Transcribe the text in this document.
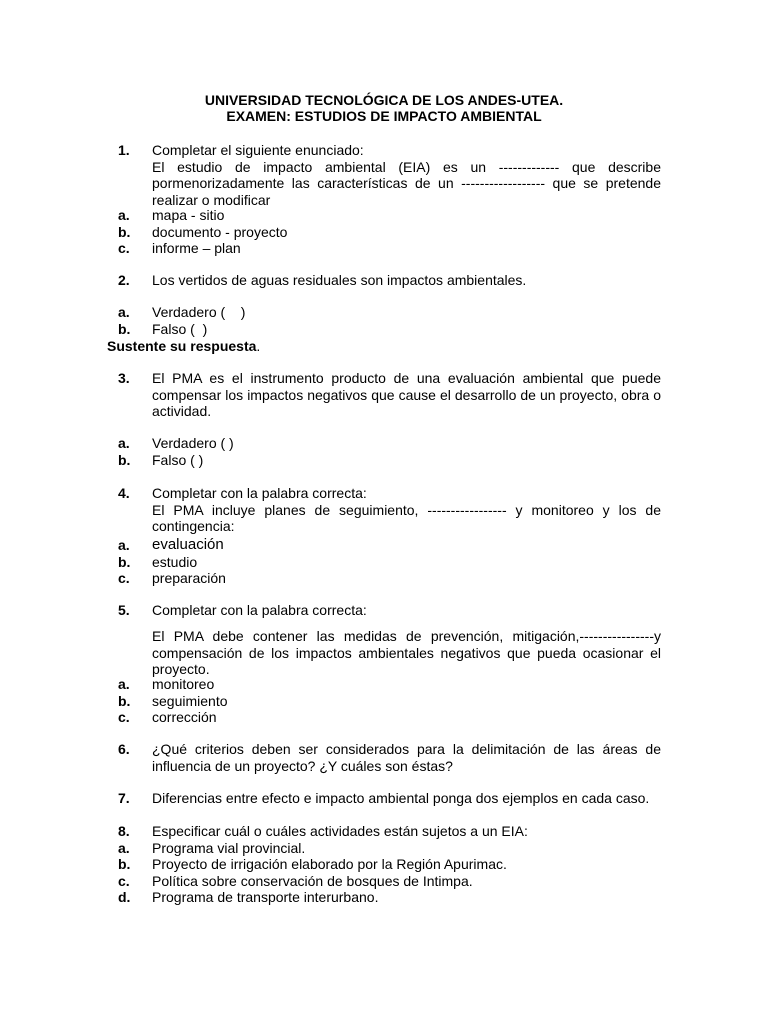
UNIVERSIDAD TECNOLÓGICA DE LOS ANDES-UTEA.
EXAMEN: ESTUDIOS DE IMPACTO AMBIENTAL
1.	Completar el siguiente enunciado:
El estudio de impacto ambiental (EIA) es un ------------- que describe pormenorizadamente las características de un ------------------ que se pretende realizar o modificar
a.	mapa - sitio
b.	documento - proyecto
c.	informe – plan
2.	Los vertidos de aguas residuales son impactos ambientales.
a.	Verdadero (    )
b.	Falso (  )
Sustente su respuesta.
3.	El PMA es el instrumento producto de una evaluación ambiental que puede compensar los impactos negativos que cause el desarrollo de un proyecto, obra o actividad.
a.	Verdadero ( )
b.	Falso ( )
4.	Completar con la palabra correcta:
El PMA incluye planes de seguimiento, ----------------- y monitoreo y los de contingencia:
a.	evaluación
b.	estudio
c.	preparación
5.	Completar con la palabra correcta:
El PMA debe contener las medidas de prevención, mitigación,----------------y compensación de los impactos ambientales negativos que pueda ocasionar el proyecto.
a.	monitoreo
b.	seguimiento
c.	corrección
6.	¿Qué criterios deben ser considerados para la delimitación de las áreas de influencia de un proyecto? ¿Y cuáles son éstas?
7.	Diferencias entre efecto e impacto ambiental ponga dos ejemplos en cada caso.
8.	Especificar cuál o cuáles actividades están sujetos a un EIA:
a.	Programa vial provincial.
b.	Proyecto de irrigación elaborado por la Región Apurimac.
c.	Política sobre conservación de bosques de Intimpa.
d.	Programa de transporte interurbano.
